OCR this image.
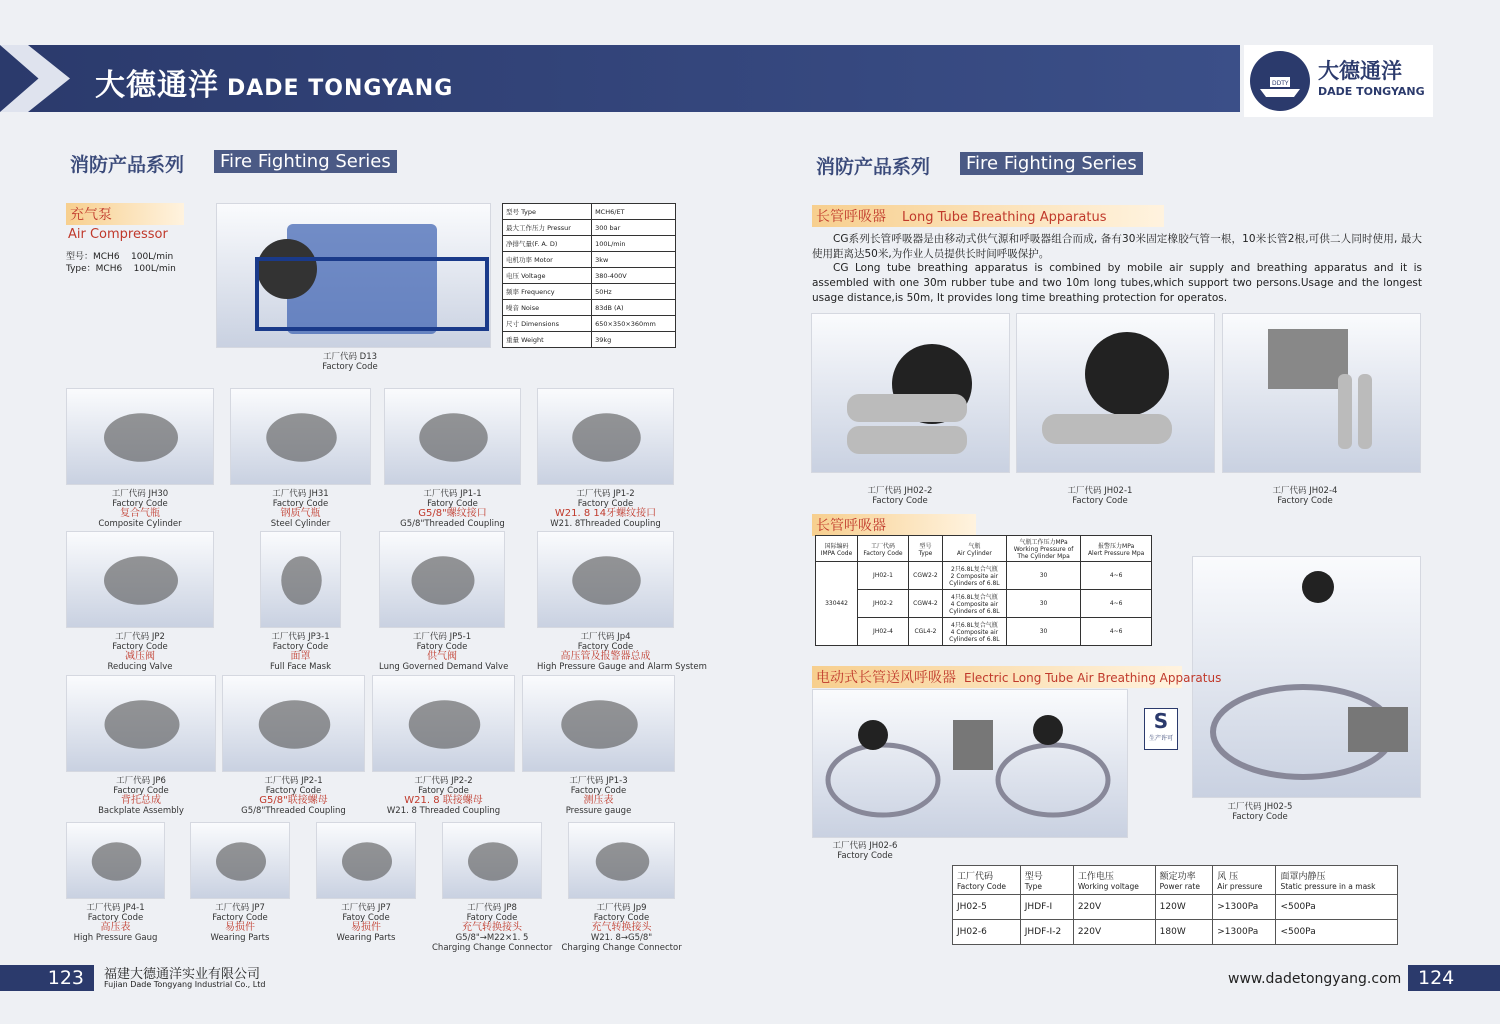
大德通洋 DADE TONGYANG	DDTY
大德通洋
DADE TONGYANG
消防产品系列	Fire Fighting Series
充气泵
Air Compressor
型号：MCH6    100L/min
Type：MCH6    100L/min
工厂代码 D13
Factory Code
型号 Type	MCH6/ET
最大工作压力 Pressur	300 bar
净排气量(F. A. D)	100L/min
电机功率 Motor	3kw
电压 Voltage	380-400V
频率 Frequency	50Hz
噪音 Noise	83dB (A)
尺寸 Dimensions	650×350×360mm
重量 Weight	39kg
工厂代码 JH30
Factory Code
复合气瓶
Composite Cylinder
工厂代码 JH31
Factory Code
钢质气瓶
Steel Cylinder
工厂代码 JP1-1
Fatory Code
G5/8"螺纹接口
G5/8"Threaded Coupling
工厂代码 JP1-2
Factory Code
W21. 8 14牙螺纹接口
W21. 8Threaded Coupling
工厂代码 JP2
Factory Code
减压阀
Reducing Valve
工厂代码 JP3-1
Factory Code
面罩
Full Face Mask
工厂代码 JP5-1
Fatory Code
供气阀
Lung Governed Demand Valve
工厂代码 Jp4
Factory Code
高压管及报警器总成
High Pressure Gauge and Alarm System
工厂代码 JP6
Factory Code
背托总成
Backplate Assembly
工厂代码 JP2-1
Factory Code
G5/8"联接螺母
G5/8"Threaded Coupling
工厂代码 JP2-2
Fatory Code
W21. 8 联接螺母
W21. 8 Threaded Coupling
工厂代码 JP1-3
Factory Code
测压表
Pressure gauge
工厂代码 JP4-1
Factory Code
高压表
High Pressure Gaug
工厂代码 JP7
Factory Code
易损件
Wearing Parts
工厂代码 JP7
Fatoy Code
易损件
Wearing Parts
工厂代码 JP8
Fatory Code
充气转换接头
G5/8"→M22×1. 5
Charging Change Connector
工厂代码 Jp9
Factory Code
充气转换接头
W21. 8→G5/8"
Charging Change Connector
123	福建大德通洋实业有限公司
Fujian Dade Tongyang Industrial Co., Ltd
消防产品系列	Fire Fighting Series
长管呼吸器 Long Tube Breathing Apparatus
CG系列长管呼吸器是由移动式供气源和呼吸器组合而成, 备有30米固定橡胶气管一根，10米长管2根,可供二人同时使用, 最大使用距离达50米,为作业人员提供长时间呼吸保护。
CG Long tube breathing apparatus is combined by mobile air supply and breathing apparatus and it is assembled with one 30m rubber tube and two 10m long tubes,which support two persons.Usage and the longest usage distance,is 50m, It provides long time breathing protection for operatos.
工厂代码 JH02-2
Factory Code
工厂代码 JH02-1
Factory Code
工厂代码 JH02-4
Factory Code
长管呼吸器
国际编码
IMPA Code	工厂代码
Factory Code	型号
Type	气瓶
Air Cylinder	气瓶工作压力MPa
Working Pressure of
The Cylinder Mpa	报警压力MPa
Alert Pressure Mpa
330442	JH02-1	CGW2-2	2只6.8L复合气瓶
2 Composite air
Cylinders of 6.8L	30	4~6
	JH02-2	CGW4-2	4只6.8L复合气瓶
4 Composite air
Cylinders of 6.8L	30	4~6
	JH02-4	CGL4-2	4只6.8L复合气瓶
4 Composite air
Cylinders of 6.8L	30	4~6
工厂代码 JH02-5
Factory Code
电动式长管送风呼吸器 Electric Long Tube Air Breathing Apparatus
S
生产许可
工厂代码 JH02-6
Factory Code
工厂代码
Factory Code	型号
Type	工作电压
Working voltage	额定功率
Power rate	风 压
Air pressure	面罩内静压
Static pressure in a mask

JH02-5	JHDF-I	220V	120W	>1300Pa	<500Pa
JH02-6	JHDF-I-2	220V	180W	>1300Pa	<500Pa
www.dadetongyang.com 124
